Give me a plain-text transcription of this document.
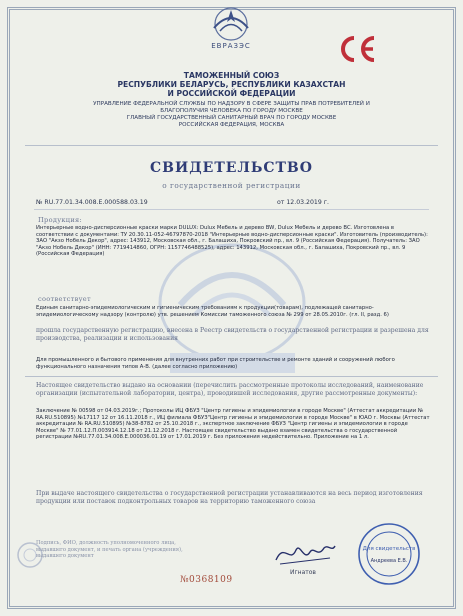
ЕВРАЗЭС
ТАМОЖЕННЫЙ СОЮЗ
РЕСПУБЛИКИ БЕЛАРУСЬ, РЕСПУБЛИКИ КАЗАХСТАН
И РОССИЙСКОЙ ФЕДЕРАЦИИ
УПРАВЛЕНИЕ ФЕДЕРАЛЬНОЙ СЛУЖБЫ ПО НАДЗОРУ В СФЕРЕ ЗАЩИТЫ ПРАВ ПОТРЕБИТЕЛЕЙ И
БЛАГОПОЛУЧИЯ ЧЕЛОВЕКА ПО ГОРОДУ МОСКВЕ
ГЛАВНЫЙ ГОСУДАРСТВЕННЫЙ САНИТАРНЫЙ ВРАЧ ПО ГОРОДУ МОСКВЕ
РОССИЙСКАЯ ФЕДЕРАЦИЯ, МОСКВА
СВИДЕТЕЛЬСТВО
о государственной регистрации
№ RU.77.01.34.008.E.000588.03.19	от 12.03.2019 г.
Продукция:
Интерьерные водно-дисперсионные краски марки DULUX: Dulux Мебель и дерево BW, Dulux Мебель и дерево BC. Изготовлена в соответствии с документами: ТУ 20.30.11-052-46797870-2018 "Интерьерные водно-дисперсионные краски". Изготовитель (производитель): ЗАО "Акзо Нобель Декор", адрес: 143912, Московская обл., г. Балашиха, Покровский пр., вл. 9 (Российская Федерация). Получатель: ЗАО "Акзо Нобель Декор" (ИНН: 7719414860, ОГРН: 1157746488525), адрес: 143912, Московская обл., г. Балашиха, Покровский пр., вл. 9 (Российская Федерация)
соответствует
Единым санитарно-эпидемиологическим и гигиеническим требованиям к продукции(товарам), подлежащей санитарно-эпидемиологическому надзору (контролю) утв. решением Комиссии таможенного союза № 299 от 28.05.2010г. (гл. II, разд. 6)
прошла государственную регистрацию, внесена в Реестр свидетельств о государственной регистрации и разрешена для производства, реализации и использования
Для промышленного и бытового применения для внутренних работ при строительстве и ремонте зданий и сооружений любого функционального назначения типов А-В. (далее согласно приложению)
Настоящее свидетельство выдано на основании (перечислить рассмотренные протоколы исследований, наименование организации (испытательной лаборатории, центра), проводившей исследования, другие рассмотренные документы):
Заключение № 00598 от 04.03.2019г.; Протоколы ИЦ ФБУЗ "Центр гигиены и эпидемиологии в городе Москве" (Аттестат аккредитации № RA.RU.510895) №17117 12 от 16.11.2018 г., ИЦ филиала ФБУЗ"Центр гигиены и эпидемиологии в городе Москве" в ЮАО г. Москвы (Аттестат аккредитации № RA.RU.510895) №38-8782 от 25.10.2018 г., экспертное заключение ФБУЗ "Центр гигиены и эпидемиологии в городе Москве" № 77.01.12.П.003914.12.18 от 21.12.2018 г. Настоящее свидетельство выдано взамен свидетельства о государственной регистрации №RU.77.01.34.008.E.000036.01.19 от 17.01.2019 г. Без приложения недействительно. Приложение на 1 л.
При выдаче настоящего свидетельства о государственной регистрации устанавливаются на весь период изготовления продукции или поставок подконтрольных товаров на территорию таможенного союза
Подпись, ФИО, должность уполномоченного лица, выдавшего документ, и печать органа (учреждения), выдавшего документ
Игнатов
Для свидетельств
Андреева Е.В.
№0368109
